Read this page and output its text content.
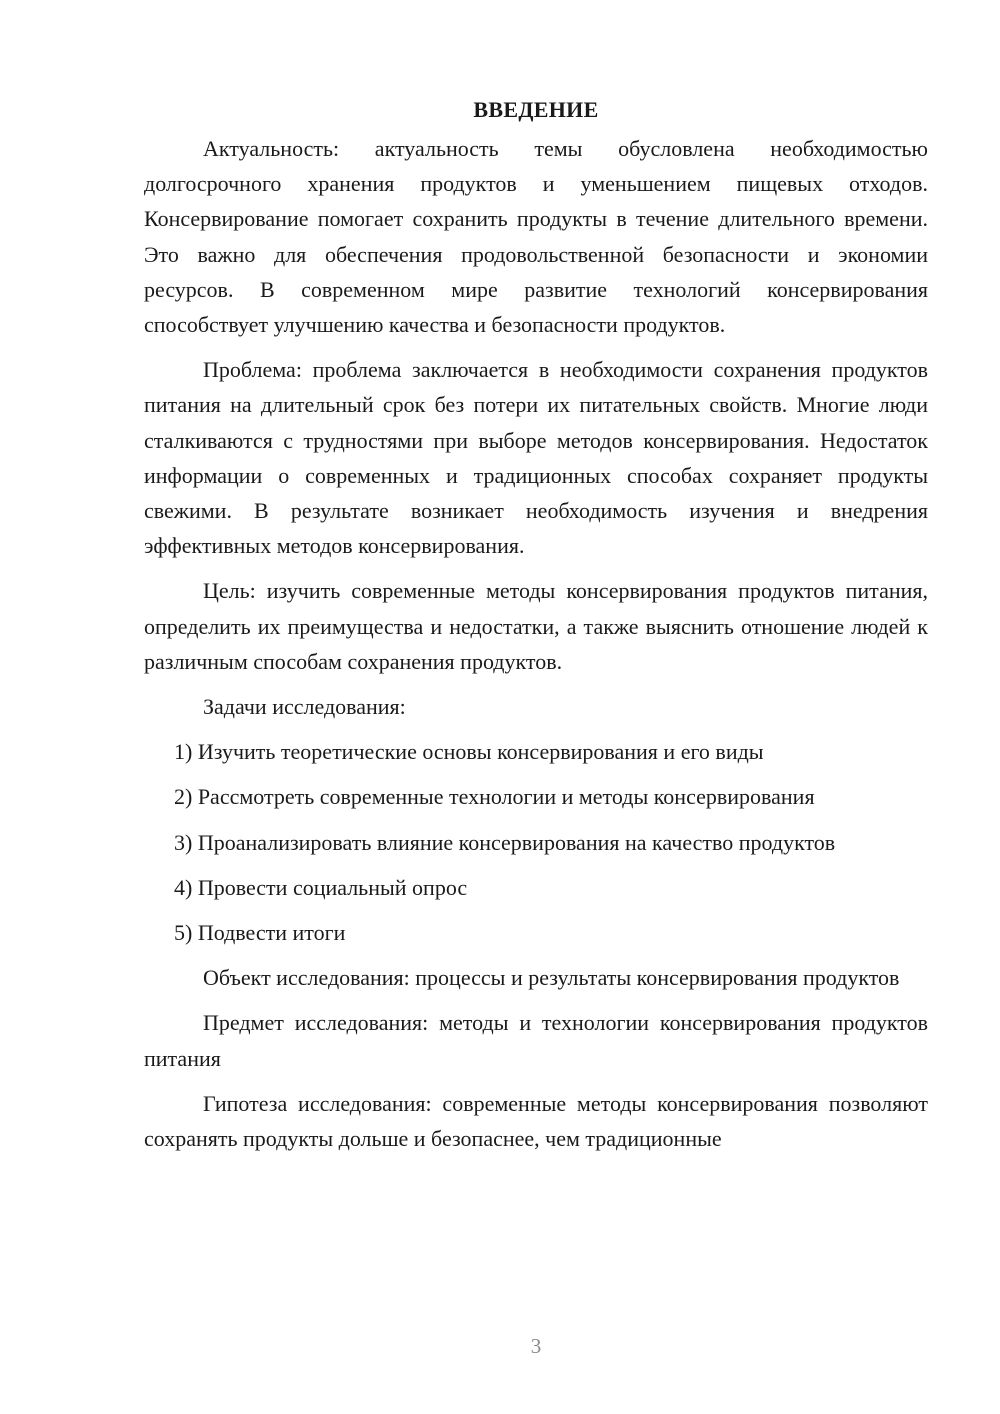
ВВЕДЕНИЕ

Актуальность: актуальность темы обусловлена необходимостью долгосрочного хранения продуктов и уменьшением пищевых отходов. Консервирование помогает сохранить продукты в течение длительного времени. Это важно для обеспечения продовольственной безопасности и экономии ресурсов. В современном мире развитие технологий консервирования способствует улучшению качества и безопасности продуктов.

Проблема: проблема заключается в необходимости сохранения продуктов питания на длительный срок без потери их питательных свойств. Многие люди сталкиваются с трудностями при выборе методов консервирования. Недостаток информации о современных и традиционных способах сохраняет продукты свежими. В результате возникает необходимость изучения и внедрения эффективных методов консервирования.

Цель: изучить современные методы консервирования продуктов питания, определить их преимущества и недостатки, а также выяснить отношение людей к различным способам сохранения продуктов.

Задачи исследования:

1) Изучить теоретические основы консервирования и его виды

2) Рассмотреть современные технологии и методы консервирования

3) Проанализировать влияние консервирования на качество продуктов

4) Провести социальный опрос

5) Подвести итоги

Объект исследования: процессы и результаты консервирования продуктов

Предмет исследования: методы и технологии консервирования продуктов питания

Гипотеза исследования: современные методы консервирования позволяют сохранять продукты дольше и безопаснее, чем традиционные

3
